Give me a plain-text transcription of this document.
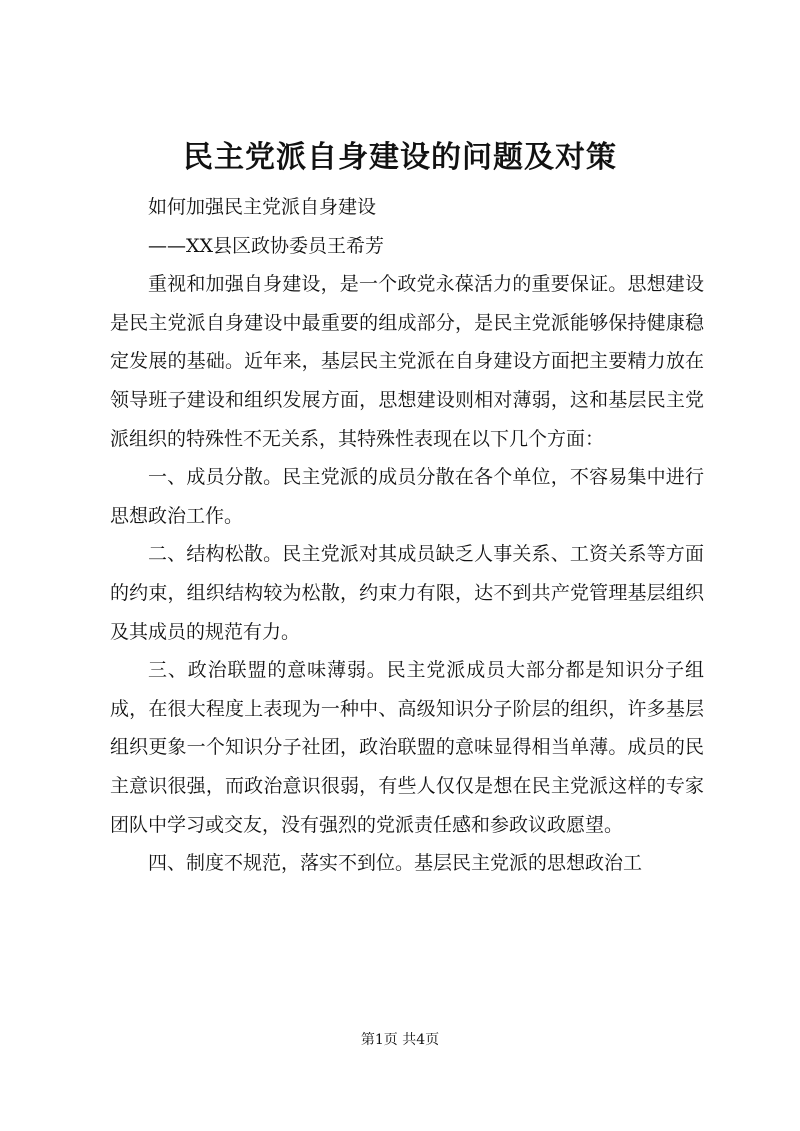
民主党派自身建设的问题及对策

如何加强民主党派自身建设

——XX县区政协委员王希芳

重视和加强自身建设，是一个政党永葆活力的重要保证。思想建设是民主党派自身建设中最重要的组成部分，是民主党派能够保持健康稳定发展的基础。近年来，基层民主党派在自身建设方面把主要精力放在领导班子建设和组织发展方面，思想建设则相对薄弱，这和基层民主党派组织的特殊性不无关系，其特殊性表现在以下几个方面：

一、成员分散。民主党派的成员分散在各个单位，不容易集中进行思想政治工作。

二、结构松散。民主党派对其成员缺乏人事关系、工资关系等方面的约束，组织结构较为松散，约束力有限，达不到共产党管理基层组织及其成员的规范有力。

三、政治联盟的意味薄弱。民主党派成员大部分都是知识分子组成，在很大程度上表现为一种中、高级知识分子阶层的组织，许多基层组织更象一个知识分子社团，政治联盟的意味显得相当单薄。成员的民主意识很强，而政治意识很弱，有些人仅仅是想在民主党派这样的专家团队中学习或交友，没有强烈的党派责任感和参政议政愿望。

四、制度不规范，落实不到位。基层民主党派的思想政治工

第1页 共4页
